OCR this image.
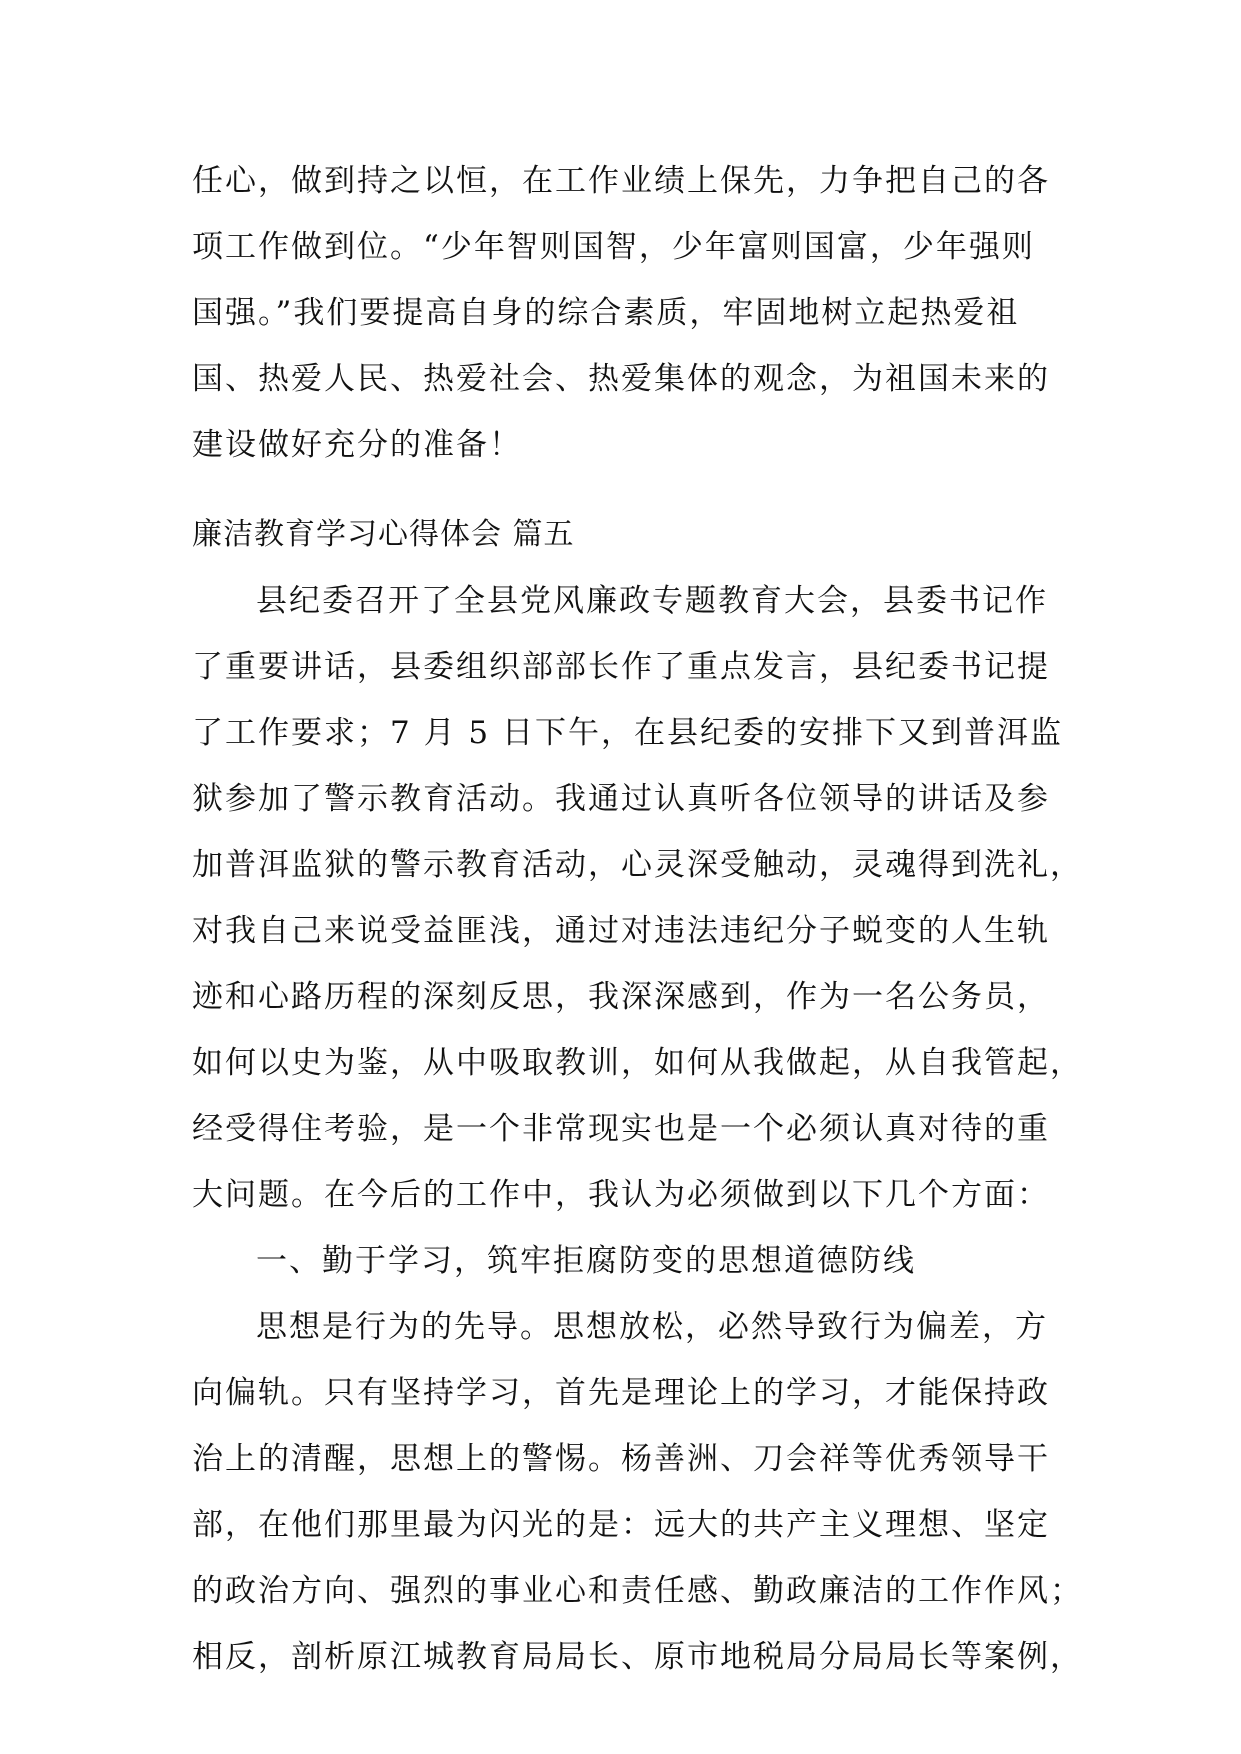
任心，做到持之以恒，在工作业绩上保先，力争把自己的各
项工作做到位。“少年智则国智，少年富则国富，少年强则
国强。”我们要提高自身的综合素质，牢固地树立起热爱祖
国、热爱人民、热爱社会、热爱集体的观念，为祖国未来的
建设做好充分的准备！
廉洁教育学习心得体会 篇五
县纪委召开了全县党风廉政专题教育大会，县委书记作
了重要讲话，县委组织部部长作了重点发言，县纪委书记提
了工作要求；7 月 5 日下午，在县纪委的安排下又到普洱监
狱参加了警示教育活动。我通过认真听各位领导的讲话及参
加普洱监狱的警示教育活动，心灵深受触动，灵魂得到洗礼，
对我自己来说受益匪浅，通过对违法违纪分子蜕变的人生轨
迹和心路历程的深刻反思，我深深感到，作为一名公务员，
如何以史为鉴，从中吸取教训，如何从我做起，从自我管起，
经受得住考验，是一个非常现实也是一个必须认真对待的重
大问题。在今后的工作中，我认为必须做到以下几个方面：
一、勤于学习，筑牢拒腐防变的思想道德防线
思想是行为的先导。思想放松，必然导致行为偏差，方
向偏轨。只有坚持学习，首先是理论上的学习，才能保持政
治上的清醒，思想上的警惕。杨善洲、刀会祥等优秀领导干
部，在他们那里最为闪光的是：远大的共产主义理想、坚定
的政治方向、强烈的事业心和责任感、勤政廉洁的工作作风；
相反，剖析原江城教育局局长、原市地税局分局局长等案例，
